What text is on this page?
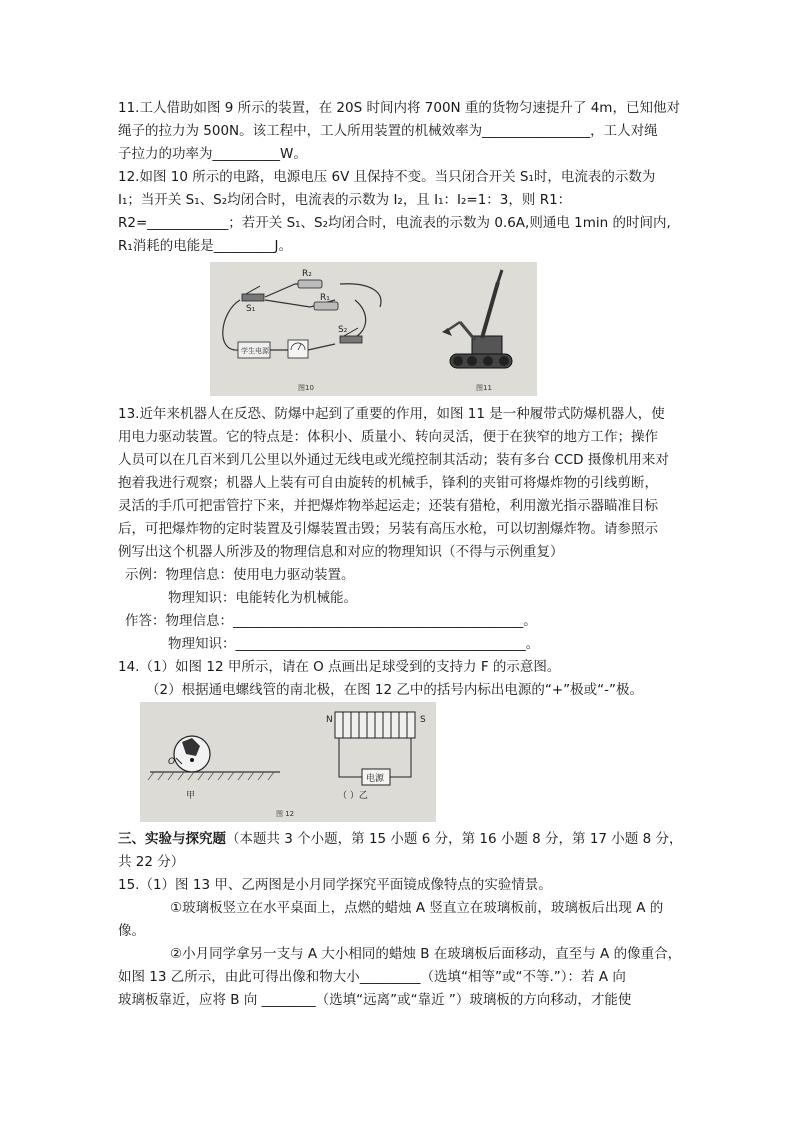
11.工人借助如图 9 所示的装置，在 20S 时间内将 700N 重的货物匀速提升了 4m，已知他对
绳子的拉力为 500N。该工程中，工人所用装置的机械效率为________________，工人对绳
子拉力的功率为__________W。
12.如图 10 所示的电路，电源电压 6V 且保持不变。当只闭合开关 S₁时，电流表的示数为
I₁；当开关 S₁、S₂均闭合时，电流表的示数为 I₂，且 I₁：I₂=1：3，则 R1：
R2=____________；若开关 S₁、S₂均闭合时，电流表的示数为 0.6A,则通电 1min 的时间内,
R₁消耗的电能是_________J。
R₂
R₁
S₁
S₂
学生电源
图10	图11
13.近年来机器人在反恐、防爆中起到了重要的作用，如图 11 是一种履带式防爆机器人，使
用电力驱动装置。它的特点是：体积小、质量小、转向灵活，便于在狭窄的地方工作；操作
人员可以在几百米到几公里以外通过无线电或光缆控制其活动；装有多台 CCD 摄像机用来对
抱着我进行观察；机器人上装有可自由旋转的机械手，锋利的夹钳可将爆炸物的引线剪断，
灵活的手爪可把雷管拧下来，并把爆炸物举起运走；还装有猎枪，利用激光指示器瞄准目标
后，可把爆炸物的定时装置及引爆装置击毁；另装有高压水枪，可以切割爆炸物。请参照示
例写出这个机器人所涉及的物理信息和对应的物理知识（不得与示例重复）
示例：物理信息：使用电力驱动装置。
物理知识：电能转化为机械能。
作答：物理信息：___________________________________________。
物理知识：___________________________________________。
14.（1）如图 12 甲所示，请在 O 点画出足球受到的支持力 F 的示意图。
（2）根据通电螺线管的南北极，在图 12 乙中的括号内标出电源的“+”极或“-”极。
O
甲
N	S
电源
（ ）乙
图 12
三、实验与探究题（本题共 3 个小题，第 15 小题 6 分，第 16 小题 8 分，第 17 小题 8 分，
共 22 分）
15.（1）图 13 甲、乙两图是小月同学探究平面镜成像特点的实验情景。
①玻璃板竖立在水平桌面上，点燃的蜡烛 A 竖直立在玻璃板前，玻璃板后出现 A 的
像。
②小月同学拿另一支与 A 大小相同的蜡烛 B 在玻璃板后面移动，直至与 A 的像重合，
如图 13 乙所示，由此可得出像和物大小_________（选填“相等”或“不等.”）：若 A 向
玻璃板靠近，应将 B 向 ________（选填“远离”或“靠近 ”）玻璃板的方向移动，才能使
